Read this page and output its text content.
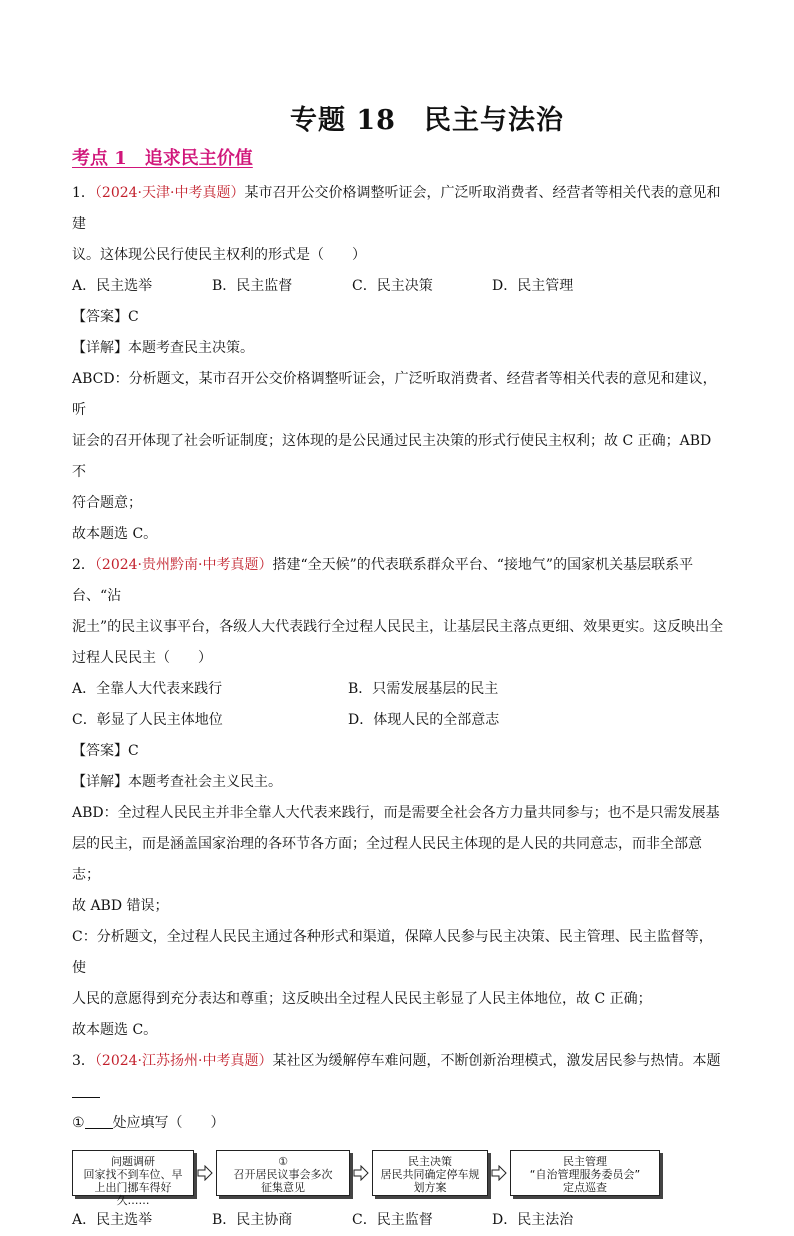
专题 18　民主与法治
考点 1　追求民主价值

1．（2024·天津·中考真题）某市召开公交价格调整听证会，广泛听取消费者、经营者等相关代表的意见和建

议。这体现公民行使民主权利的形式是（　　）

A．民主选举	B．民主监督	C．民主决策	D．民主管理

【答案】C

【详解】本题考查民主决策。

ABCD：分析题文，某市召开公交价格调整听证会，广泛听取消费者、经营者等相关代表的意见和建议，听

证会的召开体现了社会听证制度；这体现的是公民通过民主决策的形式行使民主权利；故 C 正确；ABD 不

符合题意；

故本题选 C。

2．（2024·贵州黔南·中考真题）搭建“全天候”的代表联系群众平台、“接地气”的国家机关基层联系平台、“沾

泥土”的民主议事平台，各级人大代表践行全过程人民民主，让基层民主落点更细、效果更实。这反映出全

过程人民民主（　　）

A．全靠人大代表来践行	B．只需发展基层的民主

C．彰显了人民主体地位	D．体现人民的全部意志

【答案】C

【详解】本题考查社会主义民主。

ABD：全过程人民民主并非全靠人大代表来践行，而是需要全社会各方力量共同参与；也不是只需发展基

层的民主，而是涵盖国家治理的各环节各方面；全过程人民民主体现的是人民的共同意志，而非全部意志；

故 ABD 错误；

C：分析题文，全过程人民民主通过各种形式和渠道，保障人民参与民主决策、民主管理、民主监督等，使

人民的意愿得到充分表达和尊重；这反映出全过程人民民主彰显了人民主体地位，故 C 正确；

故本题选 C。

3．（2024·江苏扬州·中考真题）某社区为缓解停车难问题，不断创新治理模式，激发居民参与热情。本题

① 处应填写（　　）

问题调研
回家找不到车位、早
上出门挪车得好久……
①
召开居民议事会多次
征集意见
民主决策
居民共同确定停车规
划方案
民主管理
“自治管理服务委员会”
定点巡查

A．民主选举	B．民主协商	C．民主监督	D．民主法治
